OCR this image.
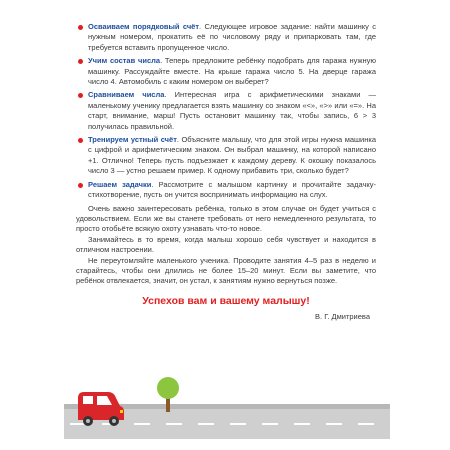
Осваиваем порядковый счёт. Следующее игровое задание: найти машинку с нужным номером, прокатить её по числовому ряду и припарковать там, где требуется вставить пропущенное число.
Учим состав числа. Теперь предложите ребёнку подобрать для гаража нужную машинку. Рассуждайте вместе. На крыше гаража число 5. На дверце гаража число 4. Автомобиль с каким номером он выберет?
Сравниваем числа. Интересная игра с арифметическими знаками — маленькому ученику предлагается взять машинку со знаком «<», «>» или «=». На старт, внимание, марш! Пусть остановит машинку так, чтобы запись, 6 > 3 получилась правильной.
Тренируем устный счёт. Объясните малышу, что для этой игры нужна машинка с цифрой и арифметическим знаком. Он выбрал машинку, на которой написано +1. Отлично! Теперь пусть подъезжает к каждому дереву. К окошку показалось число 3 — устно решаем пример. К одному прибавить три, сколько будет?
Решаем задачки. Рассмотрите с малышом картинку и прочитайте задачку-стихотворение, пусть он учится воспринимать информацию на слух.

Очень важно заинтересовать ребёнка, только в этом случае он будет учиться с удовольствием. Если же вы станете требовать от него немедленного результата, то просто отобьёте всякую охоту узнавать что-то новое.

Занимайтесь в то время, когда малыш хорошо себя чувствует и находится в отличном настроении.

Не переутомляйте маленького ученика. Проводите занятия 4–5 раз в неделю и старайтесь, чтобы они длились не более 15–20 минут. Если вы заметите, что ребёнок отвлекается, значит, он устал, к занятиям нужно вернуться позже.

Успехов вам и вашему малышу!
В. Г. Дмитриева
